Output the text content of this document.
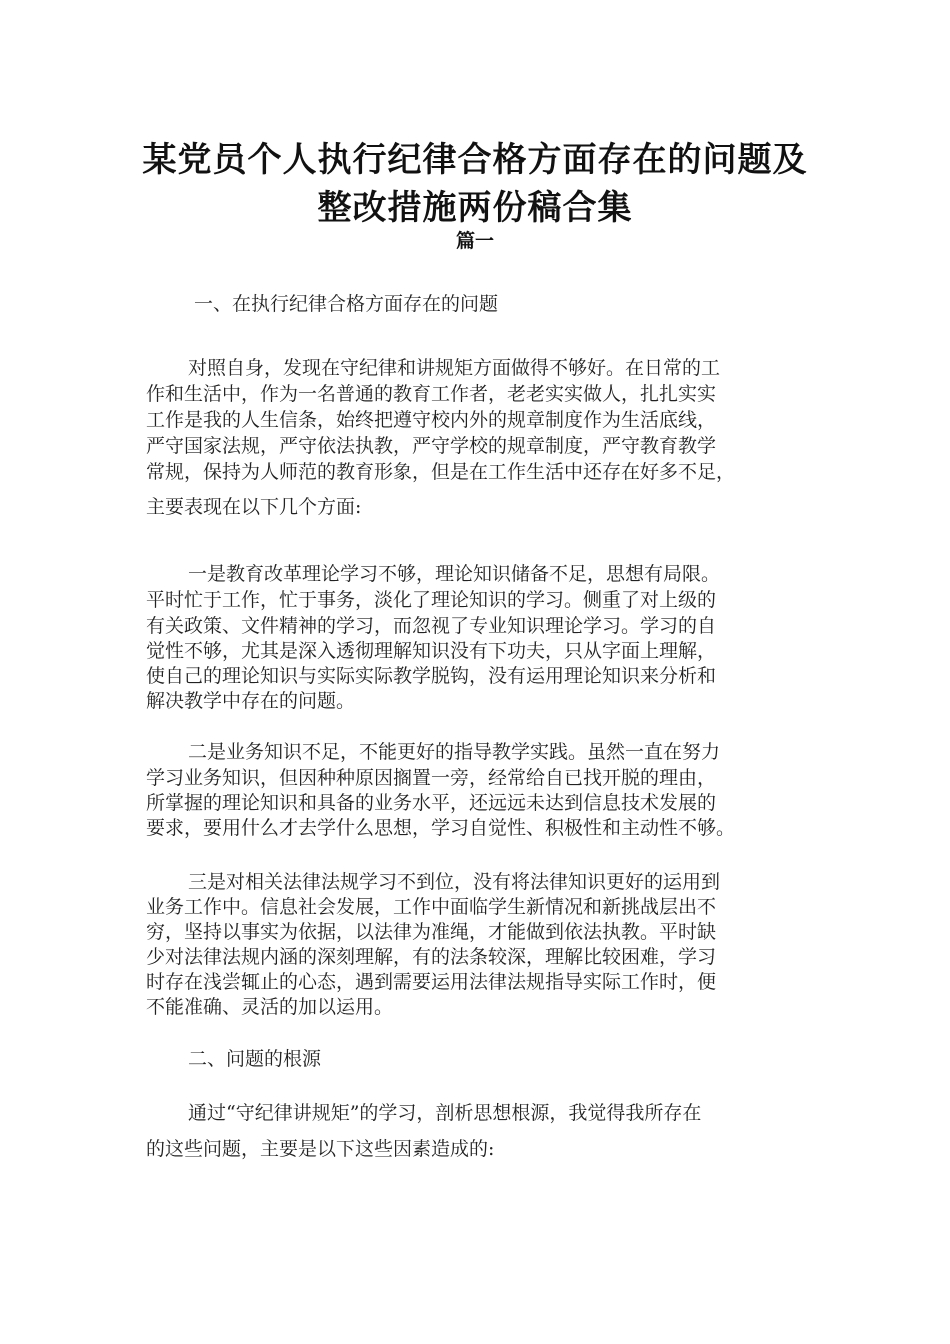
某党员个人执行纪律合格方面存在的问题及
整改措施两份稿合集
篇一
一、在执行纪律合格方面存在的问题
对照自身，发现在守纪律和讲规矩方面做得不够好。在日常的工
作和生活中，作为一名普通的教育工作者，老老实实做人，扎扎实实
工作是我的人生信条，始终把遵守校内外的规章制度作为生活底线，
严守国家法规，严守依法执教，严守学校的规章制度，严守教育教学
常规，保持为人师范的教育形象，但是在工作生活中还存在好多不足，
主要表现在以下几个方面:
一是教育改革理论学习不够，理论知识储备不足，思想有局限。
平时忙于工作，忙于事务，淡化了理论知识的学习。侧重了对上级的
有关政策、文件精神的学习，而忽视了专业知识理论学习。学习的自
觉性不够，尤其是深入透彻理解知识没有下功夫，只从字面上理解，
使自己的理论知识与实际实际教学脱钩，没有运用理论知识来分析和
解决教学中存在的问题。
二是业务知识不足，不能更好的指导教学实践。虽然一直在努力
学习业务知识，但因种种原因搁置一旁，经常给自已找开脱的理由，
所掌握的理论知识和具备的业务水平，还远远未达到信息技术发展的
要求，要用什么才去学什么思想，学习自觉性、积极性和主动性不够。
三是对相关法律法规学习不到位，没有将法律知识更好的运用到
业务工作中。信息社会发展，工作中面临学生新情况和新挑战层出不
穷，坚持以事实为依据，以法律为准绳，才能做到依法执教。平时缺
少对法律法规内涵的深刻理解，有的法条较深，理解比较困难，学习
时存在浅尝辄止的心态，遇到需要运用法律法规指导实际工作时，便
不能准确、灵活的加以运用。
二、问题的根源
通过“守纪律讲规矩”的学习，剖析思想根源，我觉得我所存在
的这些问题，主要是以下这些因素造成的:
